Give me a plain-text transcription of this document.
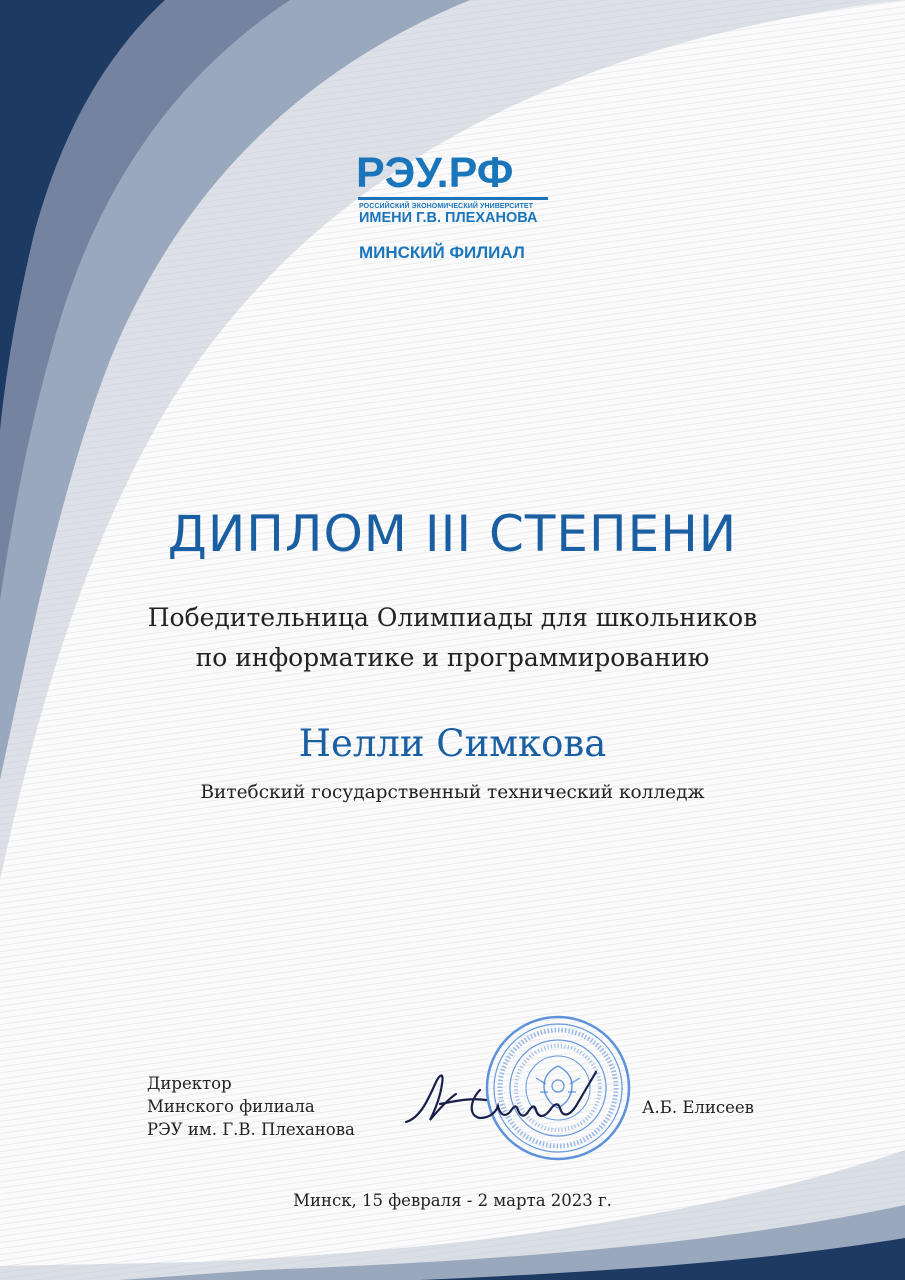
РЭУ.РФ
РОССИЙСКИЙ ЭКОНОМИЧЕСКИЙ УНИВЕРСИТЕТ
ИМЕНИ Г.В. ПЛЕХАНОВА
МИНСКИЙ ФИЛИАЛ
ДИПЛОМ III СТЕПЕНИ
Победительница Олимпиады для школьников
по информатике и программированию
Нелли Симкова
Витебский государственный технический колледж
Директор
Минского филиала
РЭУ им. Г.В. Плеханова
А.Б. Елисеев
Минск, 15 февраля - 2 марта 2023 г.
